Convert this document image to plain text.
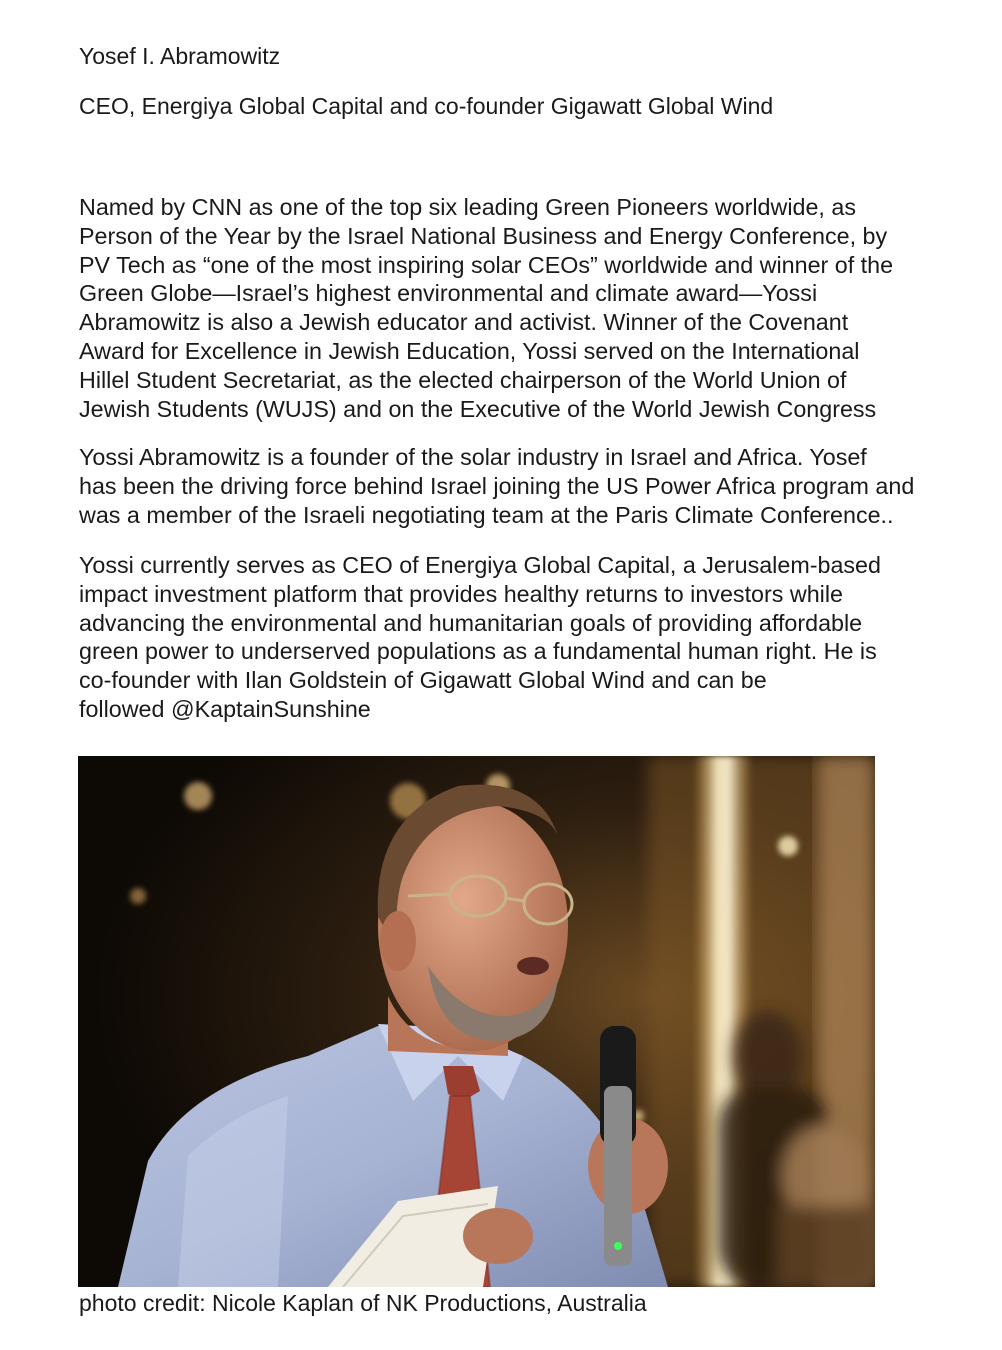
Yosef I. Abramowitz

CEO, Energiya Global Capital and co-founder Gigawatt Global Wind

Named by CNN as one of the top six leading Green Pioneers worldwide, as
Person of the Year by the Israel National Business and Energy Conference, by
PV Tech as “one of the most inspiring solar CEOs” worldwide and winner of the
Green Globe—Israel’s highest environmental and climate award—Yossi
Abramowitz is also a Jewish educator and activist. Winner of the Covenant
Award for Excellence in Jewish Education, Yossi served on the International
Hillel Student Secretariat, as the elected chairperson of the World Union of
Jewish Students (WUJS) and on the Executive of the World Jewish Congress
Yossi Abramowitz is a founder of the solar industry in Israel and Africa. Yosef
has been the driving force behind Israel joining the US Power Africa program and
was a member of the Israeli negotiating team at the Paris Climate Conference..
Yossi currently serves as CEO of Energiya Global Capital, a Jerusalem-based
impact investment platform that provides healthy returns to investors while
advancing the environmental and humanitarian goals of providing affordable
green power to underserved populations as a fundamental human right. He is
co-founder with Ilan Goldstein of Gigawatt Global Wind and can be
followed @KaptainSunshine

photo credit: Nicole Kaplan of NK Productions, Australia
